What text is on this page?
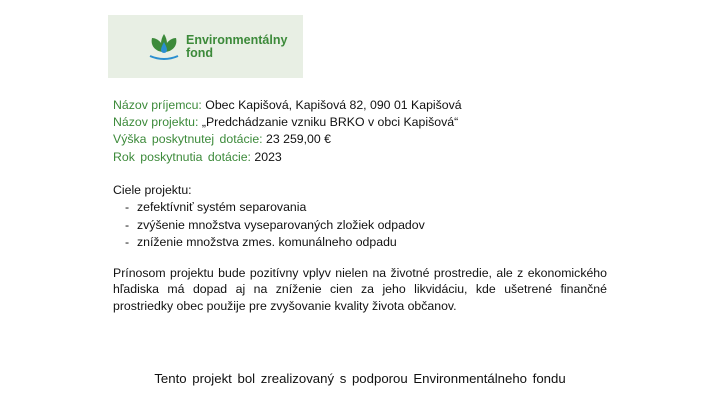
Environmentálny
fond
Názov príjemcu: Obec Kapišová, Kapišová 82, 090 01 Kapišová
Názov projektu: „Predchádzanie vzniku BRKO v obci Kapišová“
Výška poskytnutej dotácie: 23 259,00 €
Rok poskytnutia dotácie: 2023
Ciele projektu:
- zefektívniť systém separovania
- zvýšenie množstva vyseparovaných zložiek odpadov
- zníženie množstva zmes. komunálneho odpadu
Prínosom projektu bude pozitívny vplyv nielen na životné prostredie, ale z ekonomického hľadiska má dopad aj na zníženie cien za jeho likvidáciu, kde ušetrené finančné prostriedky obec použije pre zvyšovanie kvality života občanov.
Tento projekt bol zrealizovaný s podporou Environmentálneho fondu
